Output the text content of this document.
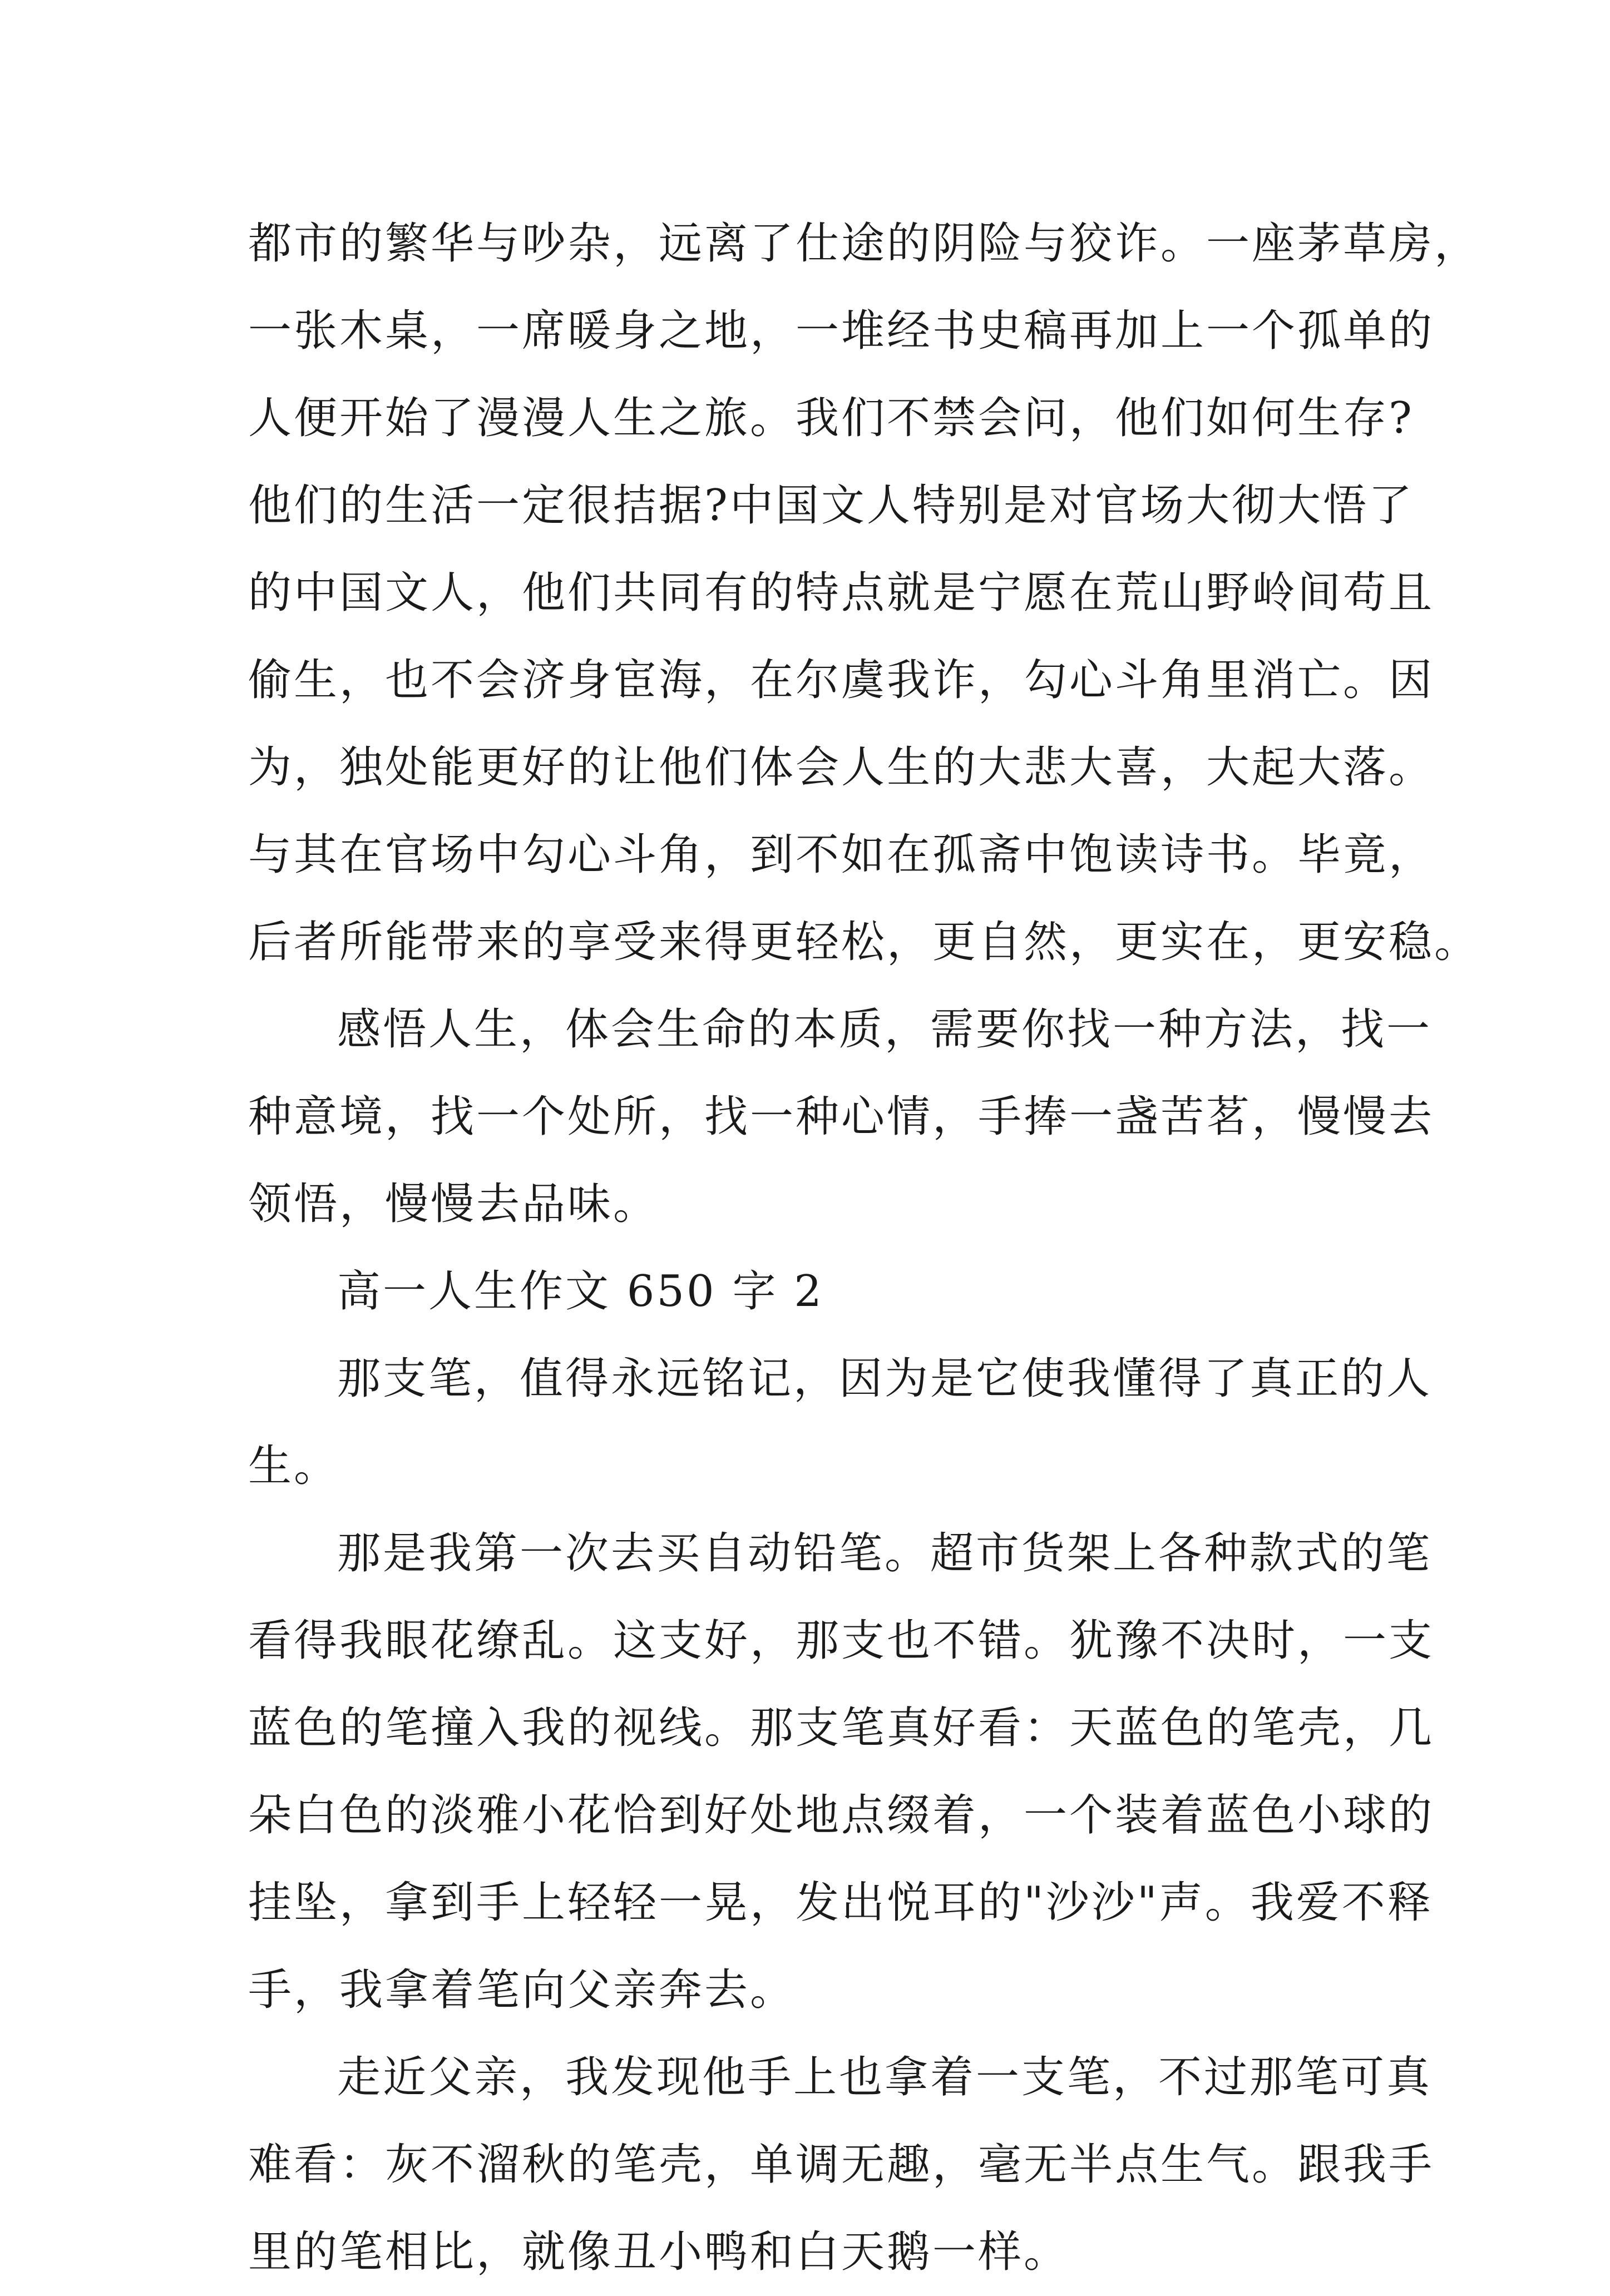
都市的繁华与吵杂，远离了仕途的阴险与狡诈。一座茅草房，
一张木桌，一席暖身之地，一堆经书史稿再加上一个孤单的
人便开始了漫漫人生之旅。我们不禁会问，他们如何生存?
他们的生活一定很拮据?中国文人特别是对官场大彻大悟了
的中国文人，他们共同有的特点就是宁愿在荒山野岭间苟且
偷生，也不会济身宦海，在尔虞我诈，勾心斗角里消亡。因
为，独处能更好的让他们体会人生的大悲大喜，大起大落。
与其在官场中勾心斗角，到不如在孤斋中饱读诗书。毕竟，
后者所能带来的享受来得更轻松，更自然，更实在，更安稳。
感悟人生，体会生命的本质，需要你找一种方法，找一
种意境，找一个处所，找一种心情，手捧一盏苦茗，慢慢去
领悟，慢慢去品味。
高一人生作文 650 字 2
那支笔，值得永远铭记，因为是它使我懂得了真正的人
生。
那是我第一次去买自动铅笔。超市货架上各种款式的笔
看得我眼花缭乱。这支好，那支也不错。犹豫不决时，一支
蓝色的笔撞入我的视线。那支笔真好看：天蓝色的笔壳，几
朵白色的淡雅小花恰到好处地点缀着，一个装着蓝色小球的
挂坠，拿到手上轻轻一晃，发出悦耳的"沙沙"声。我爱不释
手，我拿着笔向父亲奔去。
走近父亲，我发现他手上也拿着一支笔，不过那笔可真
难看：灰不溜秋的笔壳，单调无趣，毫无半点生气。跟我手
里的笔相比，就像丑小鸭和白天鹅一样。
